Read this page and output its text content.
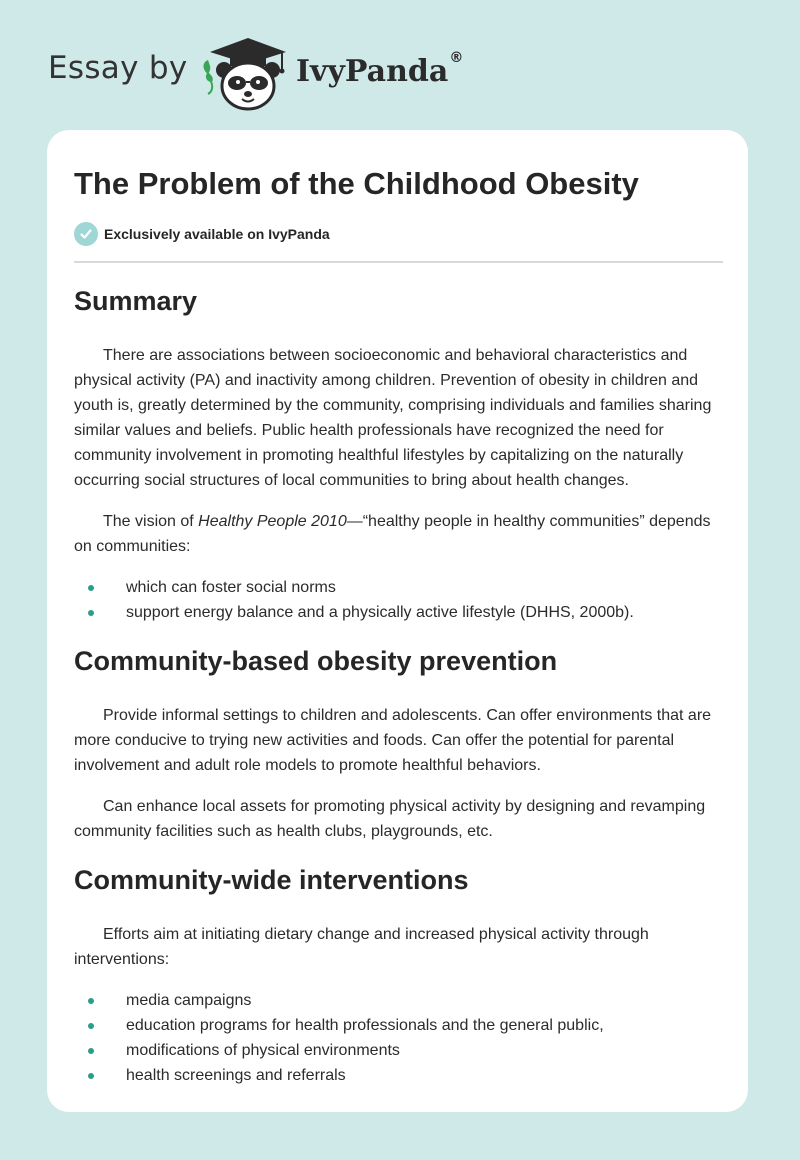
Essay by	IvyPanda®
The Problem of the Childhood Obesity
Exclusively available on IvyPanda
Summary

There are associations between socioeconomic and behavioral characteristics and physical activity (PA) and inactivity among children. Prevention of obesity in children and youth is, greatly determined by the community, comprising individuals and families sharing similar values and beliefs. Public health professionals have recognized the need for community involvement in promoting healthful lifestyles by capitalizing on the naturally occurring social structures of local communities to bring about health changes.

The vision of Healthy People 2010—“healthy people in healthy communities” depends on communities:

which can foster social norms
support energy balance and a physically active lifestyle (DHHS, 2000b).
Community-based obesity prevention

Provide informal settings to children and adolescents. Can offer environments that are more conducive to trying new activities and foods. Can offer the potential for parental involvement and adult role models to promote healthful behaviors.

Can enhance local assets for promoting physical activity by designing and revamping community facilities such as health clubs, playgrounds, etc.

Community-wide interventions

Efforts aim at initiating dietary change and increased physical activity through interventions:

media campaigns
education programs for health professionals and the general public,
modifications of physical environments
health screenings and referrals
